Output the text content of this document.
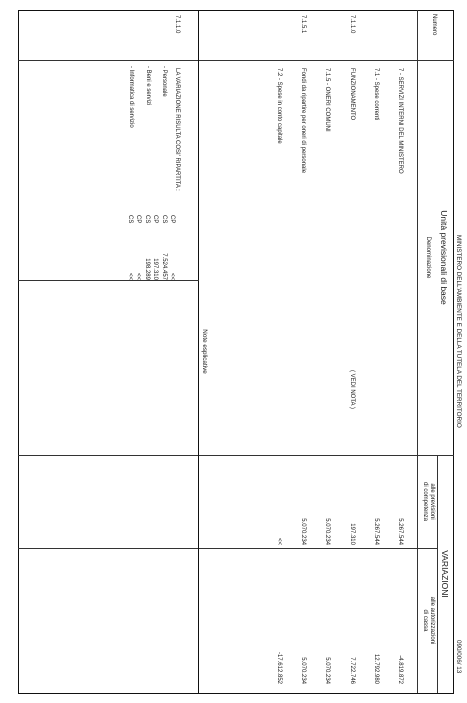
MINISTERO DELL'AMBIENTE E DELLA TUTELA DEL TERRITORIO
090/006/ 13
Numero
Unità previsionali di base
Denominazione
VARIAZIONI
alle previsioni
di competenza
alle autorizzazioni
di cassa
7 - SERVIZI INTERNI DEL MINISTERO
5.267.544
-4.819.872
7.1 - Spese correnti
5.267.544
12.792.980
7.1.1.0
FUNZIONAMENTO
( VEDI NOTA )
197.310
7.722.746
7.1.5 - ONERI COMUNI
5.070.234
5.070.234
7.1.5.1
Fondi da ripartire per oneri di personale
5.070.234
5.070.234
7.2 - Spese in conto capitale
<<
-17.612.852
Note esplicative
7.1.1.0
LA VARIAZIONE RISULTA COSI' RIPARTITA :
- Personale
CP
CS
<<
7.524.457
- Beni e servizi
CP
CS
197.310
198.289
- Informatica di servizio
CP
CS
<<
<<
